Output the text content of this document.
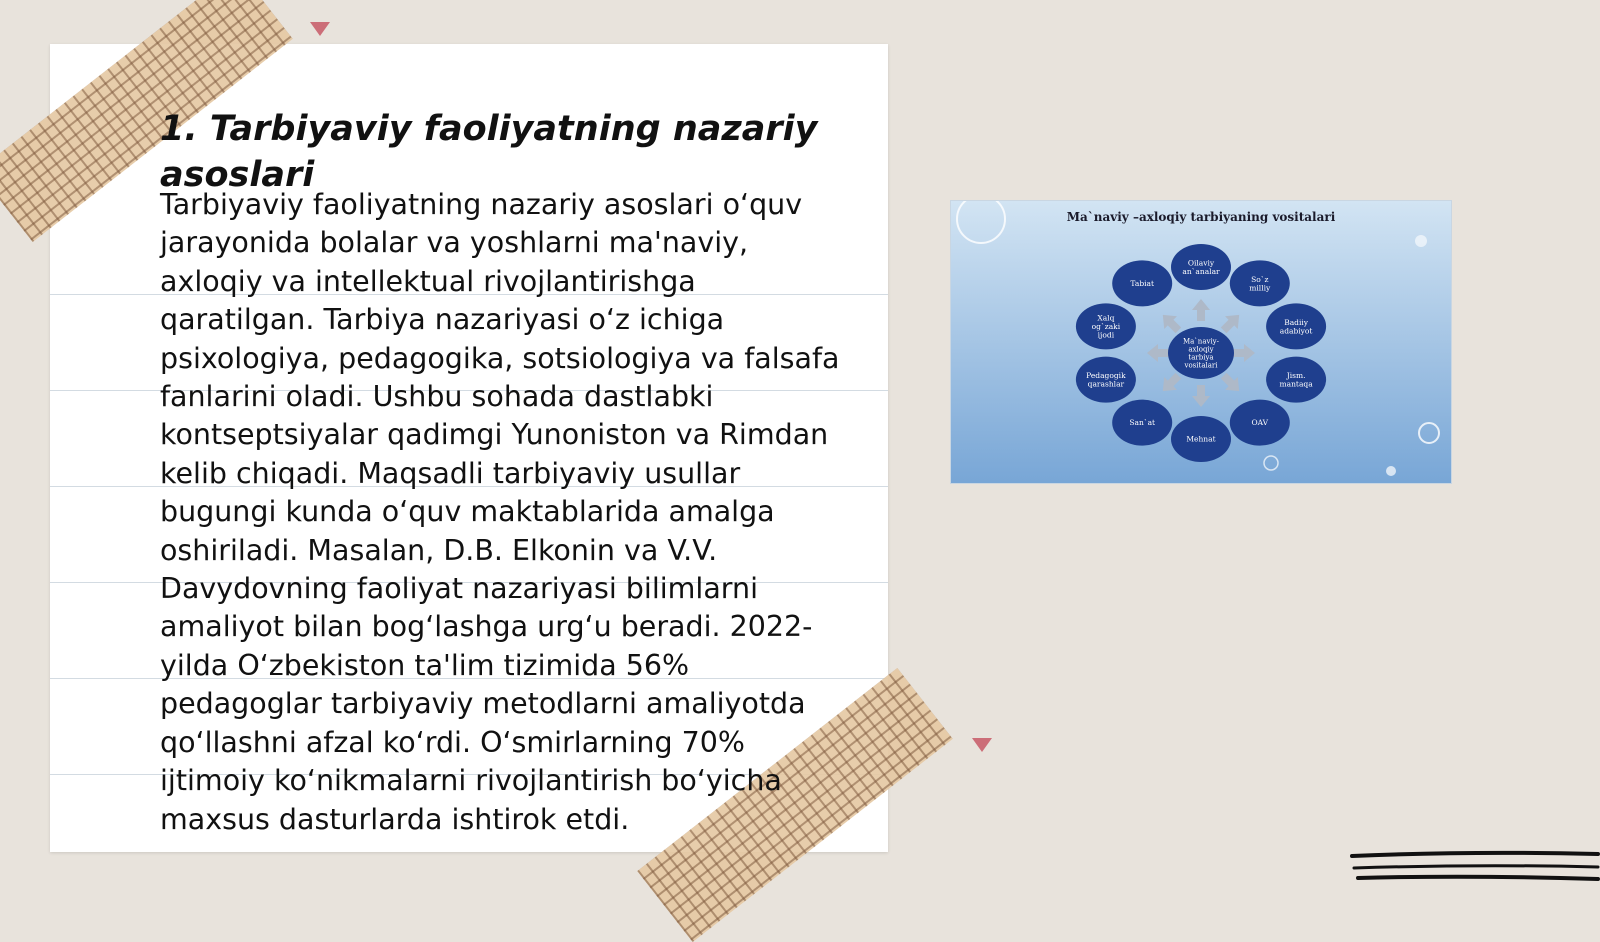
1. Tarbiyaviy faoliyatning nazariy asoslari

Tarbiyaviy faoliyatning nazariy asoslari o‘quv jarayonida bolalar va yoshlarni ma'naviy, axloqiy va intellektual rivojlantirishga qaratilgan. Tarbiya nazariyasi o‘z ichiga psixologiya, pedagogika, sotsiologiya va falsafa fanlarini oladi. Ushbu sohada dastlabki kontseptsiyalar qadimgi Yunoniston va Rimdan kelib chiqadi. Maqsadli tarbiyaviy usullar bugungi kunda o‘quv maktablarida amalga oshiriladi. Masalan, D.B. Elkonin va V.V. Davydovning faoliyat nazariyasi bilimlarni amaliyot bilan bog‘lashga urg‘u beradi. 2022-yilda O‘zbekiston ta'lim tizimida 56% pedagoglar tarbiyaviy metodlarni amaliyotda qo‘llashni afzal ko‘rdi. O‘smirlarning 70% ijtimoiy ko‘nikmalarni rivojlantirish bo‘yicha maxsus dasturlarda ishtirok etdi.

Ma`naviy –axloqiy tarbiyaning vositalari
Ma`naviy-
axloqiy
tarbiya
vositalari
Oilaviy
an`analar
So`z
milliy
Badiiy
adabiyot
Jism.
mantaqa
OAV
Mehnat
San`at
Pedagogik
qarashlar
Xalq
og`zaki
ijodi
Tabiat
